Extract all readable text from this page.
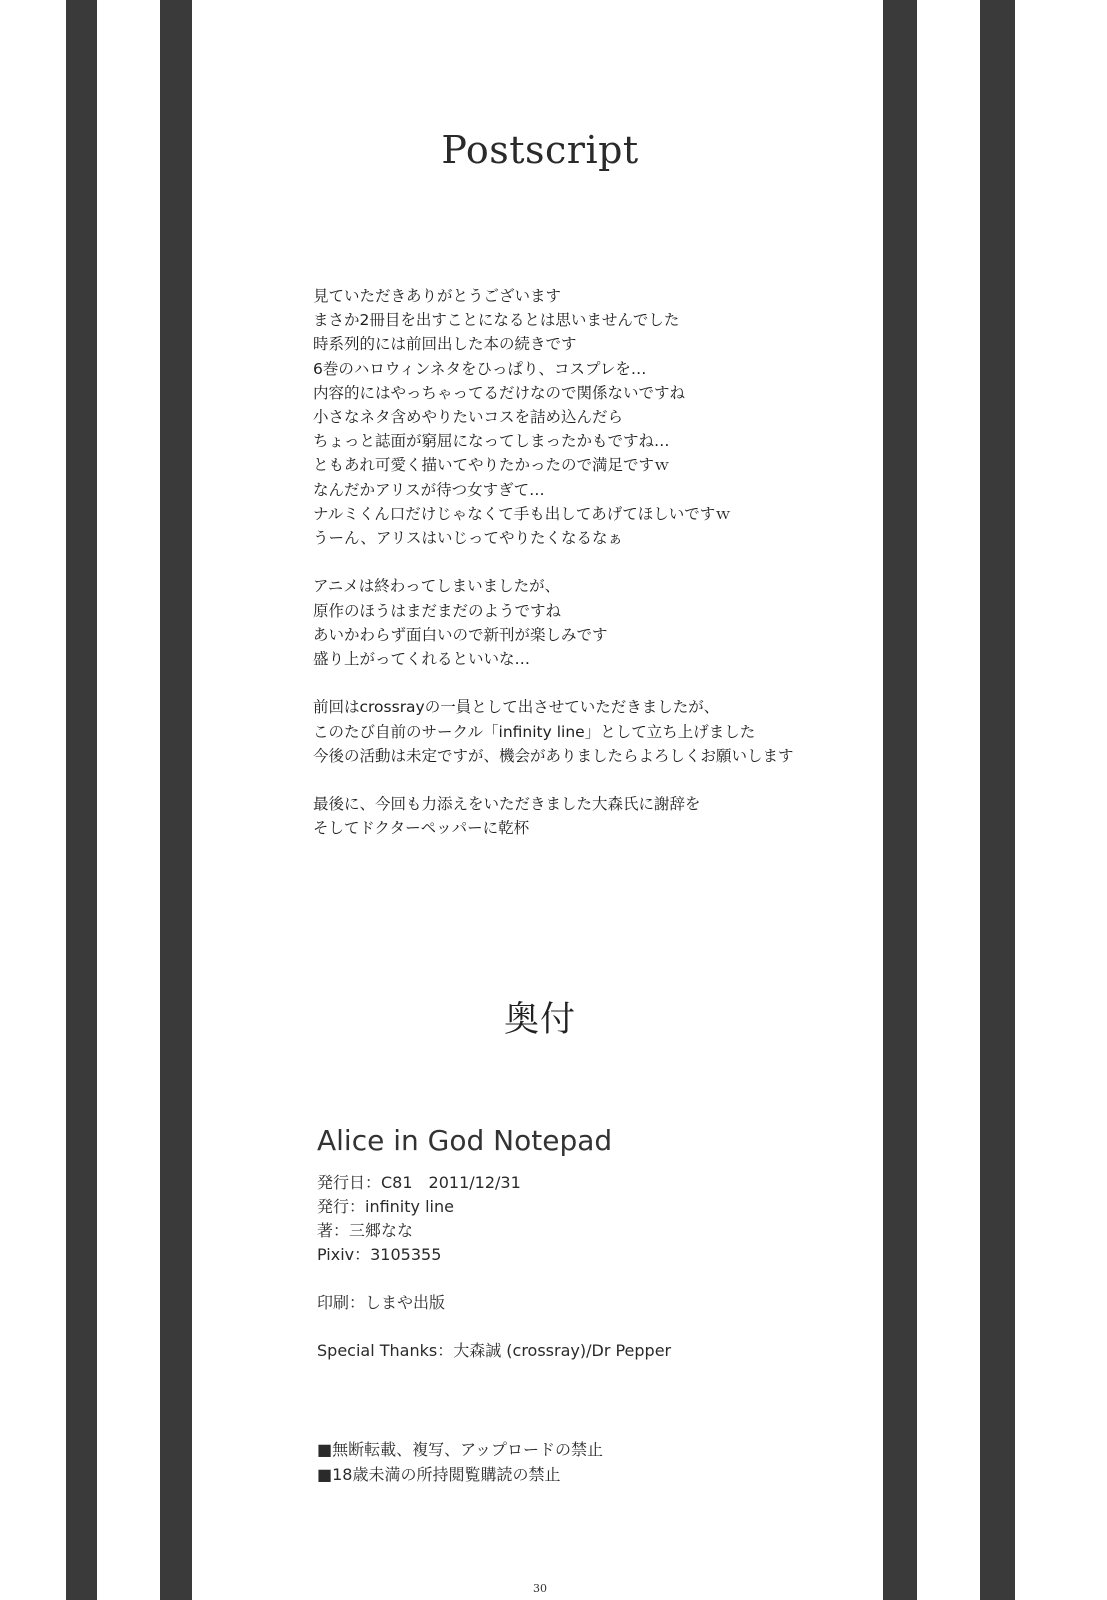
Postscript
見ていただきありがとうございます
まさか2冊目を出すことになるとは思いませんでした
時系列的には前回出した本の続きです
6巻のハロウィンネタをひっぱり、コスプレを…
内容的にはやっちゃってるだけなので関係ないですね
小さなネタ含めやりたいコスを詰め込んだら
ちょっと誌面が窮屈になってしまったかもですね…
ともあれ可愛く描いてやりたかったので満足ですｗ
なんだかアリスが待つ女すぎて…
ナルミくん口だけじゃなくて手も出してあげてほしいですｗ
うーん、アリスはいじってやりたくなるなぁ
アニメは終わってしまいましたが、
原作のほうはまだまだのようですね
あいかわらず面白いので新刊が楽しみです
盛り上がってくれるといいな…
前回はcrossrayの一員として出させていただきましたが、
このたび自前のサークル「infinity line」として立ち上げました
今後の活動は未定ですが、機会がありましたらよろしくお願いします
最後に、今回も力添えをいただきました大森氏に謝辞を
そしてドクターペッパーに乾杯
奥付
Alice in God Notepad
発行日：C81　2011/12/31
発行：infinity line
著：三郷なな
Pixiv：3105355
印刷：しまや出版
Special Thanks：大森誠 (crossray)/Dr Pepper
■無断転載、複写、アップロードの禁止
■18歳未満の所持閲覧購読の禁止
30
